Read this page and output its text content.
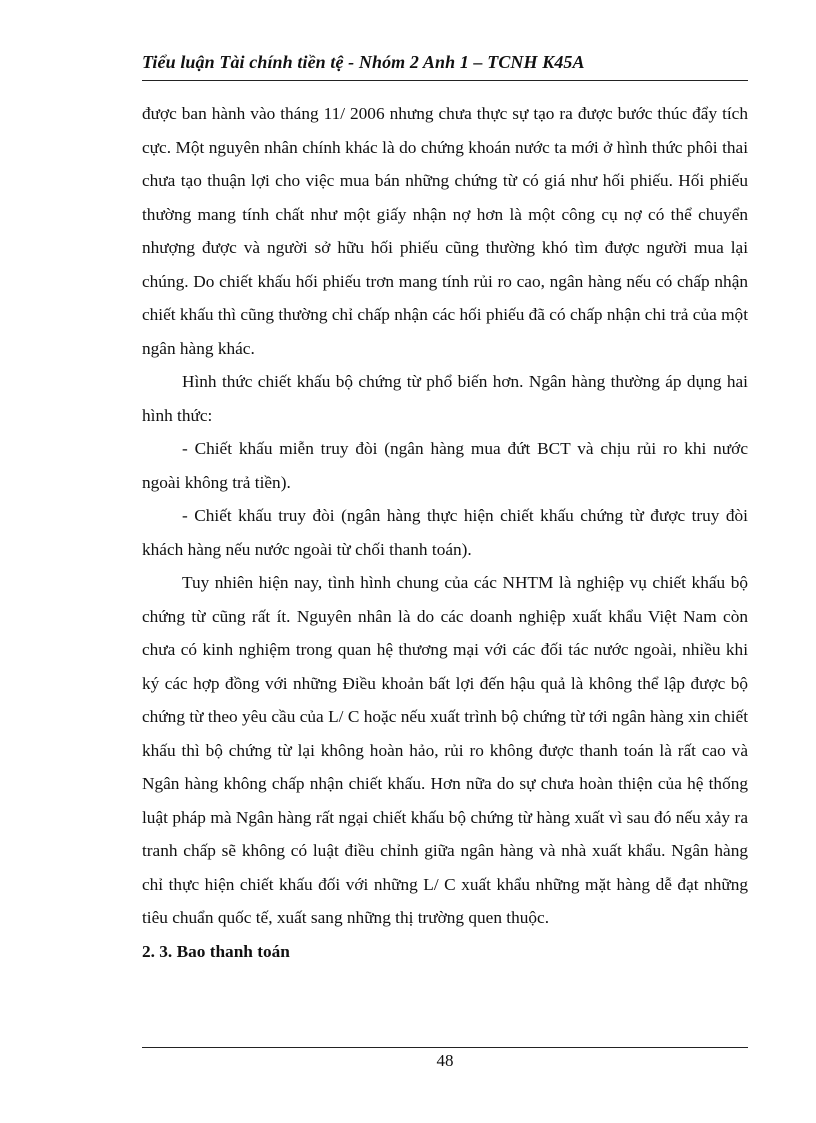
Tiểu luận Tài chính tiền tệ - Nhóm 2 Anh 1 – TCNH K45A

được ban hành vào tháng 11/ 2006 nhưng chưa thực sự tạo ra được bước thúc đẩy tích cực. Một nguyên nhân chính khác là do chứng khoán nước ta mới ở hình thức phôi thai chưa tạo thuận lợi cho việc mua bán những chứng từ có giá như hối phiếu. Hối phiếu thường mang tính chất như một giấy nhận nợ hơn là một công cụ nợ có thể chuyển nhượng được và người sở hữu hối phiếu cũng thường khó tìm được người mua lại chúng. Do chiết khấu hối phiếu trơn mang tính rủi ro cao, ngân hàng nếu có chấp nhận chiết khấu thì cũng thường chỉ chấp nhận các hối phiếu đã có chấp nhận chi trả của một ngân hàng khác.

Hình thức chiết khấu bộ chứng từ phổ biến hơn. Ngân hàng thường áp dụng hai hình thức:

- Chiết khấu miễn truy đòi (ngân hàng mua đứt BCT và chịu rủi ro khi nước ngoài không trả tiền).

- Chiết khấu truy đòi (ngân hàng thực hiện chiết khấu chứng từ được truy đòi khách hàng nếu nước ngoài từ chối thanh toán).

Tuy nhiên hiện nay, tình hình chung của các NHTM là nghiệp vụ chiết khấu bộ chứng từ cũng rất ít. Nguyên nhân là do các doanh nghiệp xuất khẩu Việt Nam còn chưa có kinh nghiệm trong quan hệ thương mại với các đối tác nước ngoài, nhiều khi ký các hợp đồng với những Điều khoản bất lợi đến hậu quả là không thể lập được bộ chứng từ theo yêu cầu của L/ C hoặc nếu xuất trình bộ chứng từ tới ngân hàng xin chiết khấu thì bộ chứng từ lại không hoàn hảo, rủi ro không được thanh toán là rất cao và Ngân hàng không chấp nhận chiết khấu. Hơn nữa do sự chưa hoàn thiện của hệ thống luật pháp mà Ngân hàng rất ngại chiết khấu bộ chứng từ hàng xuất vì sau đó nếu xảy ra tranh chấp sẽ không có luật điều chỉnh giữa ngân hàng và nhà xuất khẩu. Ngân hàng chỉ thực hiện chiết khấu đối với những L/ C xuất khẩu những mặt hàng dễ đạt những tiêu chuẩn quốc tế, xuất sang những thị trường quen thuộc.

2. 3. Bao thanh toán
48
